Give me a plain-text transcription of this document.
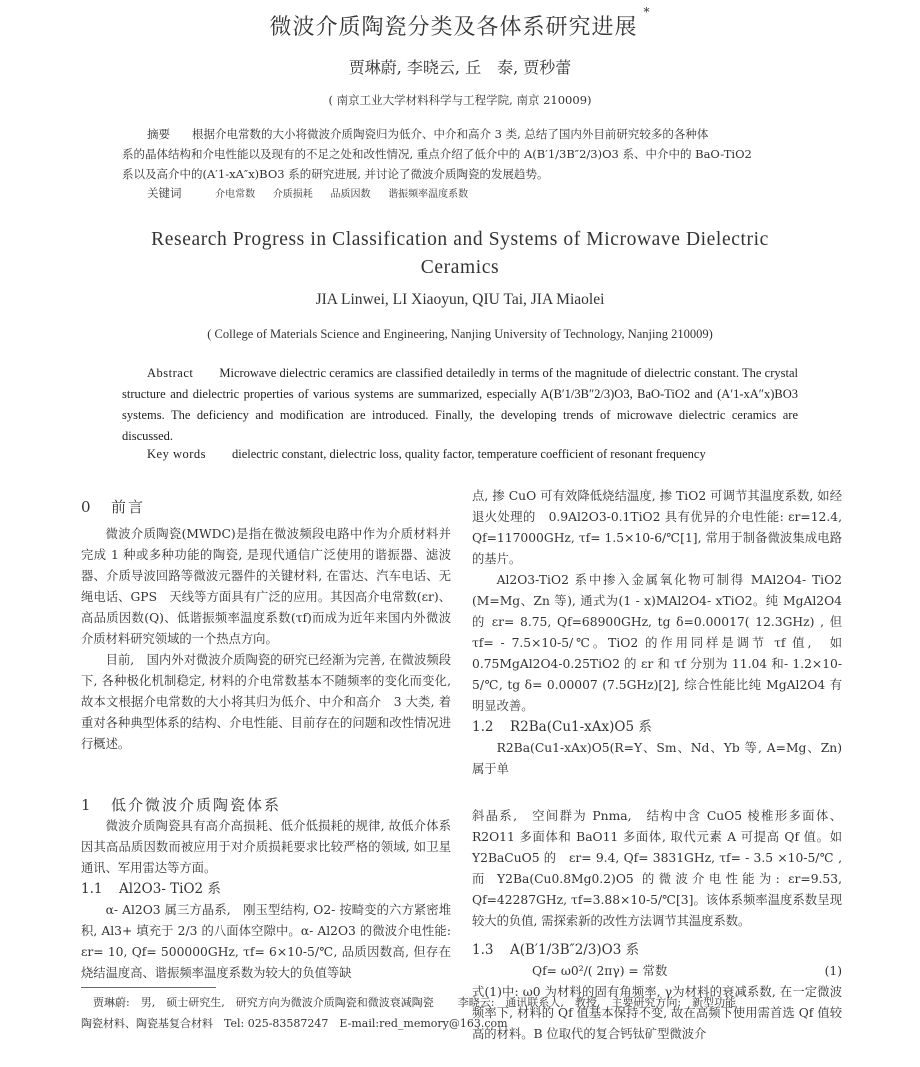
微波介质陶瓷分类及各体系研究进展*
贾琳蔚, 李晓云, 丘　泰, 贾秒蕾
( 南京工业大学材料科学与工程学院, 南京 210009)
摘要 根据介电常数的大小将微波介质陶瓷归为低介、中介和高介 3 类, 总结了国内外目前研究较多的各种体
系的晶体结构和介电性能以及现有的不足之处和改性情况, 重点介绍了低介中的 A(B′1/3B″2/3)O3 系、中介中的 BaO-TiO2
系以及高介中的(A′1-xA″x)BO3 系的研究进展, 并讨论了微波介质陶瓷的发展趋势。
关键词	介电常数 介质损耗 品质因数 谐振频率温度系数
Research Progress in Classification and Systems of Microwave Dielectric Ceramics
JIA Linwei, LI Xiaoyun, QIU Tai, JIA Miaolei
( College of Materials Science and Engineering, Nanjing University of Technology, Nanjing 210009)
Abstract Microwave dielectric ceramics are classified detailedly in terms of the magnitude of dielectric constant. The crystal structure and dielectric properties of various systems are summarized, especially A(B′1/3B″2/3)O3, BaO-TiO2 and (A′1-xA″x)BO3 systems. The deficiency and modification are introduced. Finally, the developing trends of microwave dielectric ceramics are discussed.
Key words dielectric constant, dielectric loss, quality factor, temperature coefficient of resonant frequency
0 前言
微波介质陶瓷(MWDC)是指在微波频段电路中作为介质材料并完成 1 种或多种功能的陶瓷, 是现代通信广泛使用的谐振器、滤波器、介质导波回路等微波元器件的关键材料, 在雷达、汽车电话、无绳电话、GPS　天线等方面具有广泛的应用。其因高介电常数(εr)、高品质因数(Q)、低谐振频率温度系数(τf)而成为近年来国内外微波介质材料研究领域的一个热点方向。
目前,　国内外对微波介质陶瓷的研究已经渐为完善, 在微波频段下, 各种极化机制稳定, 材料的介电常数基本不随频率的变化而变化,　故本文根据介电常数的大小将其归为低介、中介和高介　3 大类, 着重对各种典型体系的结构、介电性能、目前存在的问题和改性情况进行概述。
1 低介微波介质陶瓷体系
微波介质陶瓷具有高介高损耗、低介低损耗的规律, 故低介体系因其高品质因数而被应用于对介质损耗要求比较严格的领域, 如卫星通讯、军用雷达等方面。
1.1 Al2O3- TiO2 系
α- Al2O3 属三方晶系,　刚玉型结构, O2- 按畸变的六方紧密堆积, Al3+ 填充于 2/3 的八面体空隙中。α- Al2O3 的微波介电性能: εr= 10, Qf= 500000GHz, τf= 6×10-5/℃, 品质因数高, 但存在烧结温度高、谐振频率温度系数为较大的负值等缺
点, 掺 CuO 可有效降低烧结温度, 掺 TiO2 可调节其温度系数, 如经退火处理的　0.9Al2O3-0.1TiO2 具有优异的介电性能: εr=12.4, Qf=117000GHz, τf= 1.5×10-6/℃[1], 常用于制备微波集成电路的基片。
Al2O3-TiO2 系中掺入金属氧化物可制得 MAl2O4- TiO2 (M=Mg、Zn 等), 通式为(1 - x)MAl2O4- xTiO2。纯 MgAl2O4 的 εr= 8.75, Qf=68900GHz, tg δ=0.00017( 12.3GHz) , 但 τf= - 7.5×10-5/℃。TiO2 的作用同样是调节 τf 值,　如 0.75MgAl2O4-0.25TiO2 的 εr 和 τf 分别为 11.04 和- 1.2×10-5/℃, tg δ= 0.00007 (7.5GHz)[2], 综合性能比纯 MgAl2O4 有明显改善。
1.2 R2Ba(Cu1-xAx)O5 系
R2Ba(Cu1-xAx)O5(R=Y、Sm、Nd、Yb 等, A=Mg、Zn)属于单
斜晶系,　空间群为 Pnma,　结构中含 CuO5 棱椎形多面体、R2O11 多面体和 BaO11 多面体, 取代元素 A 可提高 Qf 值。如 Y2BaCuO5 的　εr= 9.4, Qf= 3831GHz, τf= - 3.5 ×10-5/℃ , 而 Y2Ba(Cu0.8Mg0.2)O5 的微波介电性能为: εr=9.53, Qf=42287GHz, τf=3.88×10-5/℃[3]。该体系频率温度系数呈现较大的负值, 需探索新的改性方法调节其温度系数。
1.3 A(B′1/3B″2/3)O3 系
Qf= ω0²/( 2πγ) = 常数	(1)
式(1)中: ω0 为材料的固有角频率, γ为材料的衰减系数, 在一定微波频率下, 材料的 Qf 值基本保持不变, 故在高频下使用需首选 Qf 值较高的材料。B 位取代的复合钙钛矿型微波介
贾琳蔚:　男,　硕士研究生,　研究方向为微波介质陶瓷和微波衰减陶瓷 李晓云:　通讯联系人,　教授,　主要研究方向:　新型功能
陶瓷材料、陶瓷基复合材料　Tel: 025-83587247　E-mail:red_memory@163.com
